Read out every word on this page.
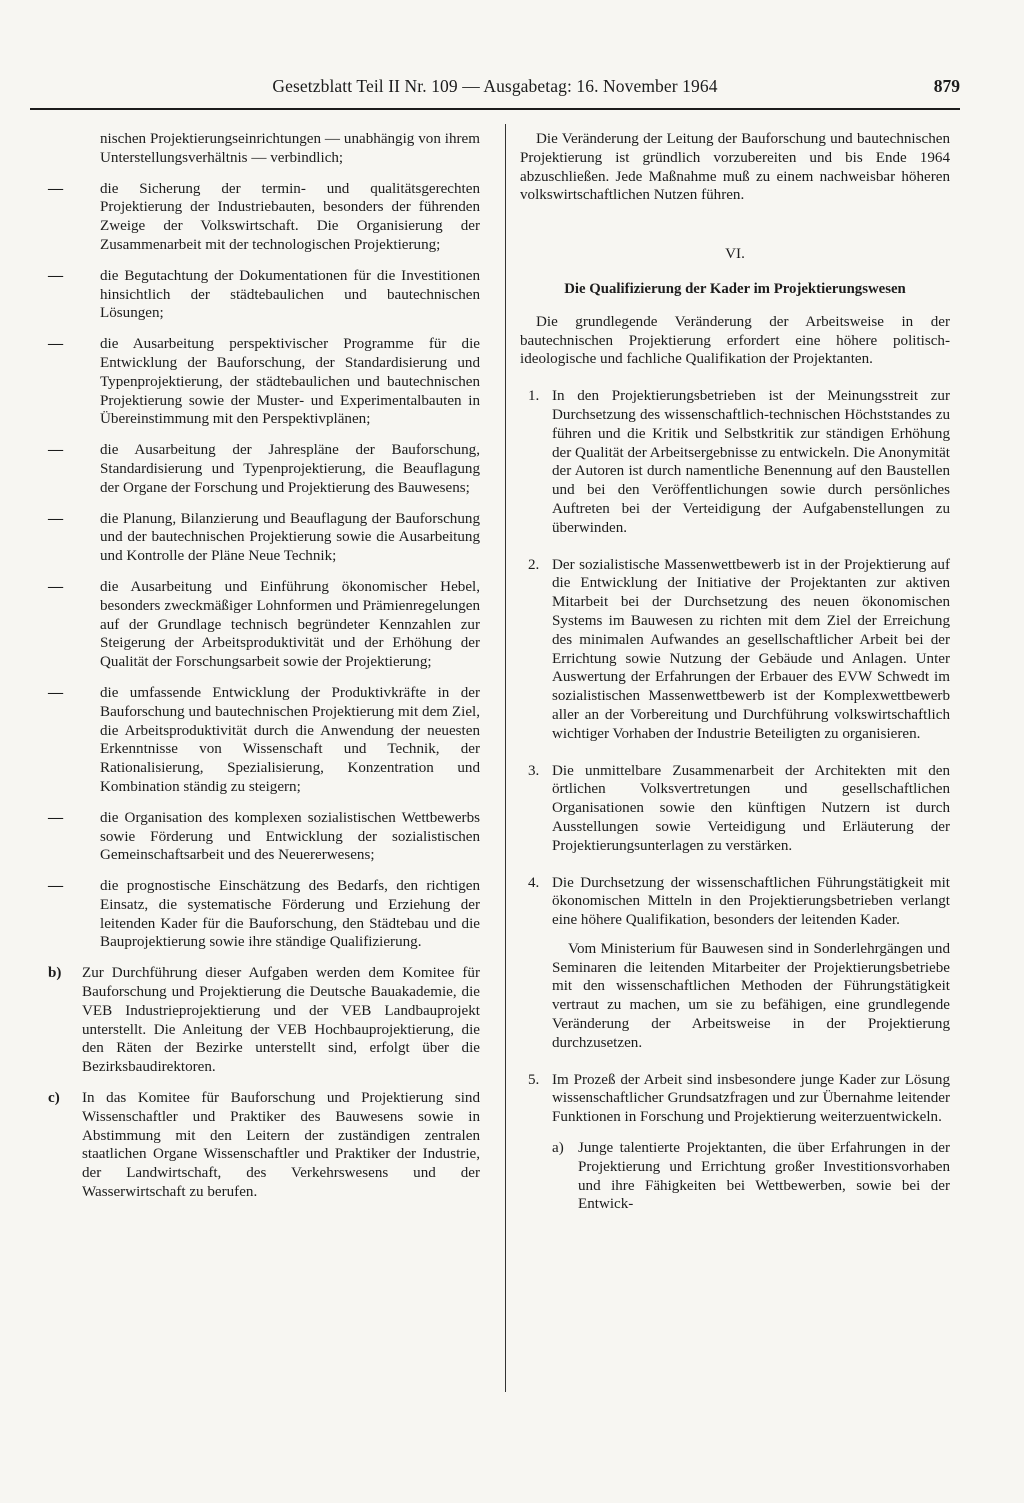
Gesetzblatt Teil II Nr. 109 — Ausgabetag: 16. November 1964	879

nischen Projektierungseinrichtungen — unabhängig von ihrem Unterstellungsverhältnis — verbindlich;

— die Sicherung der termin- und qualitätsgerechten Projektierung der Industriebauten, besonders der führenden Zweige der Volkswirtschaft. Die Organisierung der Zusammenarbeit mit der technologischen Projektierung;

— die Begutachtung der Dokumentationen für die Investitionen hinsichtlich der städtebaulichen und bautechnischen Lösungen;

— die Ausarbeitung perspektivischer Programme für die Entwicklung der Bauforschung, der Standardisierung und Typenprojektierung, der städtebaulichen und bautechnischen Projektierung sowie der Muster- und Experimentalbauten in Übereinstimmung mit den Perspektivplänen;

— die Ausarbeitung der Jahrespläne der Bauforschung, Standardisierung und Typenprojektierung, die Beauflagung der Organe der Forschung und Projektierung des Bauwesens;

— die Planung, Bilanzierung und Beauflagung der Bauforschung und der bautechnischen Projektierung sowie die Ausarbeitung und Kontrolle der Pläne Neue Technik;

— die Ausarbeitung und Einführung ökonomischer Hebel, besonders zweckmäßiger Lohnformen und Prämienregelungen auf der Grundlage technisch begründeter Kennzahlen zur Steigerung der Arbeitsproduktivität und der Erhöhung der Qualität der Forschungsarbeit sowie der Projektierung;

— die umfassende Entwicklung der Produktivkräfte in der Bauforschung und bautechnischen Projektierung mit dem Ziel, die Arbeitsproduktivität durch die Anwendung der neuesten Erkenntnisse von Wissenschaft und Technik, der Rationalisierung, Spezialisierung, Konzentration und Kombination ständig zu steigern;

— die Organisation des komplexen sozialistischen Wettbewerbs sowie Förderung und Entwicklung der sozialistischen Gemeinschaftsarbeit und des Neuererwesens;

— die prognostische Einschätzung des Bedarfs, den richtigen Einsatz, die systematische Förderung und Erziehung der leitenden Kader für die Bauforschung, den Städtebau und die Bauprojektierung sowie ihre ständige Qualifizierung.

b) Zur Durchführung dieser Aufgaben werden dem Komitee für Bauforschung und Projektierung die Deutsche Bauakademie, die VEB Industrieprojektierung und der VEB Landbauprojekt unterstellt. Die Anleitung der VEB Hochbauprojektierung, die den Räten der Bezirke unterstellt sind, erfolgt über die Bezirksbaudirektoren.

c) In das Komitee für Bauforschung und Projektierung sind Wissenschaftler und Praktiker des Bauwesens sowie in Abstimmung mit den Leitern der zuständigen zentralen staatlichen Organe Wissenschaftler und Praktiker der Industrie, der Landwirtschaft, des Verkehrswesens und der Wasserwirtschaft zu berufen.

Die Veränderung der Leitung der Bauforschung und bautechnischen Projektierung ist gründlich vorzubereiten und bis Ende 1964 abzuschließen. Jede Maßnahme muß zu einem nachweisbar höheren volkswirtschaftlichen Nutzen führen.

VI.

Die Qualifizierung der Kader im Projektierungswesen

Die grundlegende Veränderung der Arbeitsweise in der bautechnischen Projektierung erfordert eine höhere politisch-ideologische und fachliche Qualifikation der Projektanten.

1. In den Projektierungsbetrieben ist der Meinungsstreit zur Durchsetzung des wissenschaftlich-technischen Höchststandes zu führen und die Kritik und Selbstkritik zur ständigen Erhöhung der Qualität der Arbeitsergebnisse zu entwickeln. Die Anonymität der Autoren ist durch namentliche Benennung auf den Baustellen und bei den Veröffentlichungen sowie durch persönliches Auftreten bei der Verteidigung der Aufgabenstellungen zu überwinden.

2. Der sozialistische Massenwettbewerb ist in der Projektierung auf die Entwicklung der Initiative der Projektanten zur aktiven Mitarbeit bei der Durchsetzung des neuen ökonomischen Systems im Bauwesen zu richten mit dem Ziel der Erreichung des minimalen Aufwandes an gesellschaftlicher Arbeit bei der Errichtung sowie Nutzung der Gebäude und Anlagen. Unter Auswertung der Erfahrungen der Erbauer des EVW Schwedt im sozialistischen Massenwettbewerb ist der Komplexwettbewerb aller an der Vorbereitung und Durchführung volkswirtschaftlich wichtiger Vorhaben der Industrie Beteiligten zu organisieren.

3. Die unmittelbare Zusammenarbeit der Architekten mit den örtlichen Volksvertretungen und gesellschaftlichen Organisationen sowie den künftigen Nutzern ist durch Ausstellungen sowie Verteidigung und Erläuterung der Projektierungsunterlagen zu verstärken.

4. Die Durchsetzung der wissenschaftlichen Führungstätigkeit mit ökonomischen Mitteln in den Projektierungsbetrieben verlangt eine höhere Qualifikation, besonders der leitenden Kader.

Vom Ministerium für Bauwesen sind in Sonderlehrgängen und Seminaren die leitenden Mitarbeiter der Projektierungsbetriebe mit den wissenschaftlichen Methoden der Führungstätigkeit vertraut zu machen, um sie zu befähigen, eine grundlegende Veränderung der Arbeitsweise in der Projektierung durchzusetzen.

5. Im Prozeß der Arbeit sind insbesondere junge Kader zur Lösung wissenschaftlicher Grundsatzfragen und zur Übernahme leitender Funktionen in Forschung und Projektierung weiterzuentwickeln.

a) Junge talentierte Projektanten, die über Erfahrungen in der Projektierung und Errichtung großer Investitionsvorhaben und ihre Fähigkeiten bei Wettbewerben, sowie bei der Entwick-
